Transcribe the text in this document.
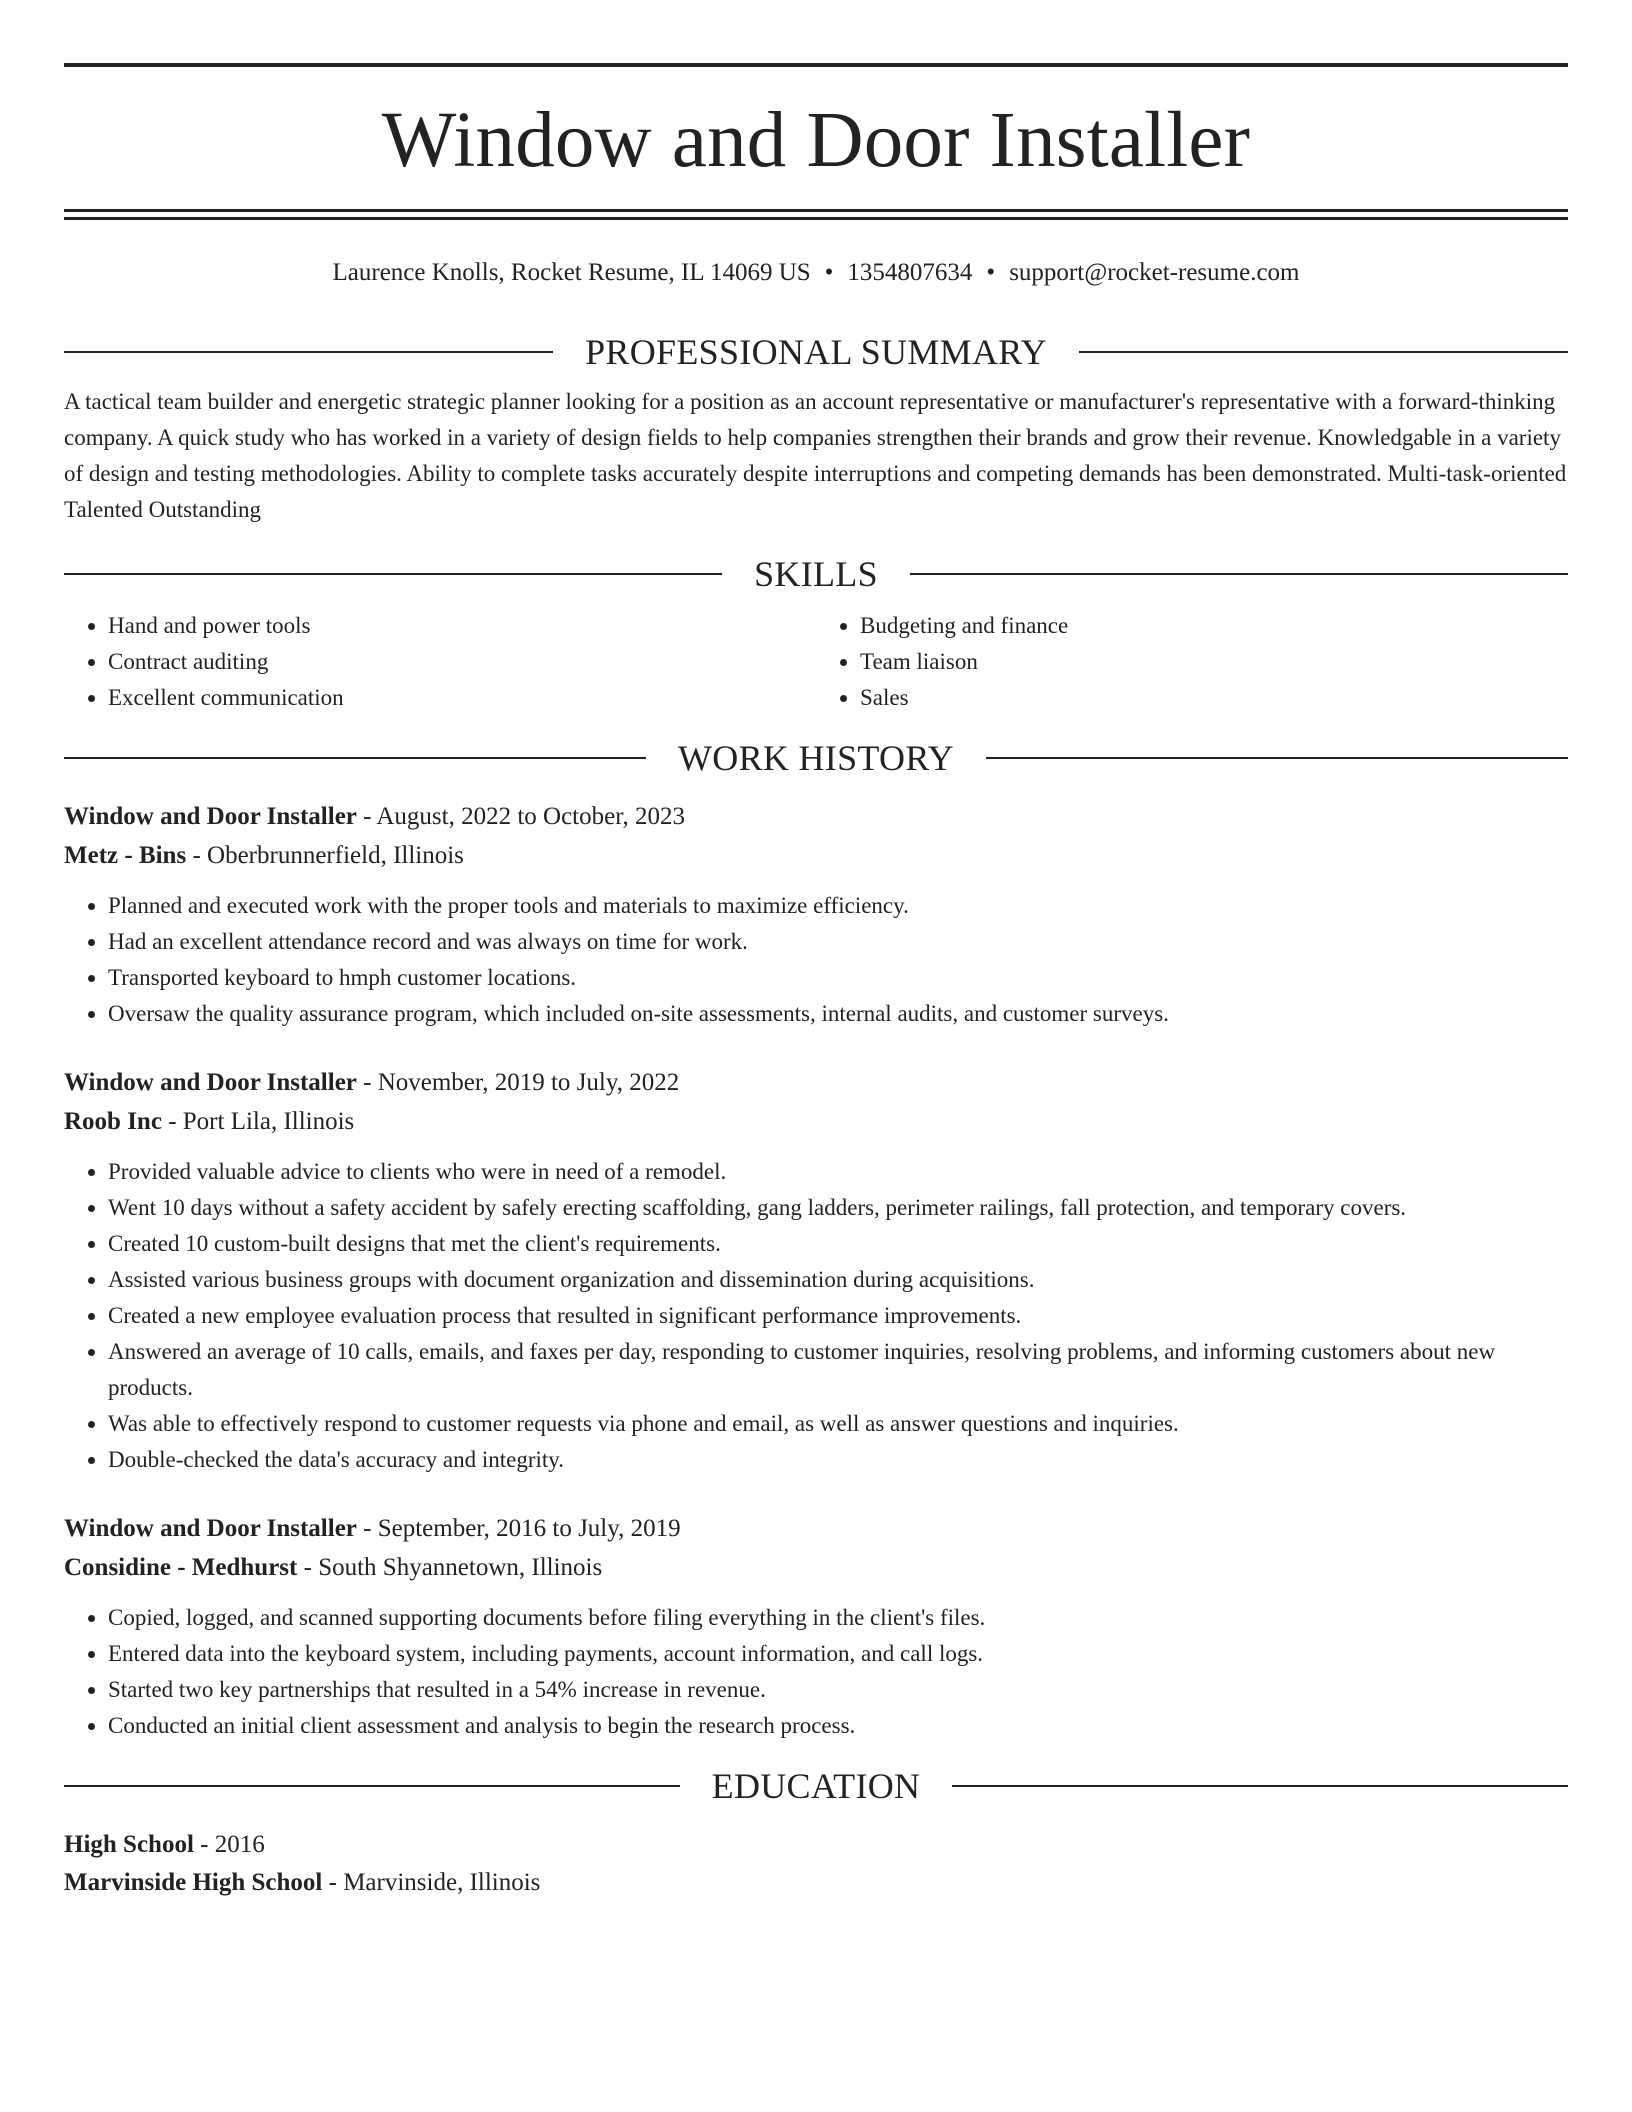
Window and Door Installer
Laurence Knolls, Rocket Resume, IL 14069 US • 1354807634 • support@rocket-resume.com
PROFESSIONAL SUMMARY

A tactical team builder and energetic strategic planner looking for a position as an account representative or manufacturer's representative with a forward-thinking company. A quick study who has worked in a variety of design fields to help companies strengthen their brands and grow their revenue. Knowledgable in a variety of design and testing methodologies. Ability to complete tasks accurately despite interruptions and competing demands has been demonstrated. Multi-task-oriented Talented Outstanding

SKILLS
• Hand and power tools
• Contract auditing
• Excellent communication
• Budgeting and finance
• Team liaison
• Sales
WORK HISTORY
Window and Door Installer - August, 2022 to October, 2023
Metz - Bins - Oberbrunnerfield, Illinois
• Planned and executed work with the proper tools and materials to maximize efficiency.
• Had an excellent attendance record and was always on time for work.
• Transported keyboard to hmph customer locations.
• Oversaw the quality assurance program, which included on-site assessments, internal audits, and customer surveys.
Window and Door Installer - November, 2019 to July, 2022
Roob Inc - Port Lila, Illinois
• Provided valuable advice to clients who were in need of a remodel.
• Went 10 days without a safety accident by safely erecting scaffolding, gang ladders, perimeter railings, fall protection, and temporary covers.
• Created 10 custom-built designs that met the client's requirements.
• Assisted various business groups with document organization and dissemination during acquisitions.
• Created a new employee evaluation process that resulted in significant performance improvements.
• Answered an average of 10 calls, emails, and faxes per day, responding to customer inquiries, resolving problems, and informing customers about new products.
• Was able to effectively respond to customer requests via phone and email, as well as answer questions and inquiries.
• Double-checked the data's accuracy and integrity.
Window and Door Installer - September, 2016 to July, 2019
Considine - Medhurst - South Shyannetown, Illinois
• Copied, logged, and scanned supporting documents before filing everything in the client's files.
• Entered data into the keyboard system, including payments, account information, and call logs.
• Started two key partnerships that resulted in a 54% increase in revenue.
• Conducted an initial client assessment and analysis to begin the research process.
EDUCATION
High School - 2016
Marvinside High School - Marvinside, Illinois
